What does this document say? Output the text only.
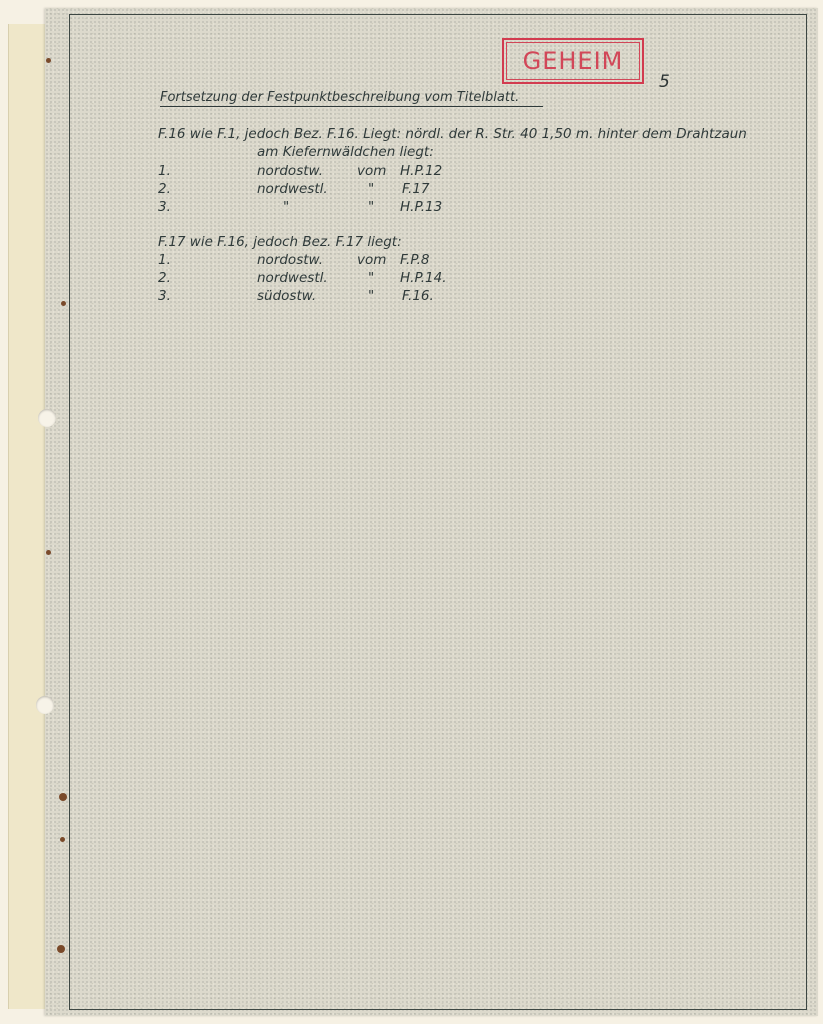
GEHEIM
5
Fortsetzung der Festpunktbeschreibung vom Titelblatt.
F.16 wie F.1, jedoch Bez. F.16. Liegt: nördl. der R. Str. 40 1,50 m. hinter dem Drahtzaun
am Kiefernwäldchen liegt:
1.	nordostw.	vom H.P.12
2.	nordwestl.	" F.17
3.	"	" H.P.13
F.17 wie F.16, jedoch Bez. F.17 liegt:
1.	nordostw.	vom F.P.8
2.	nordwestl.	" H.P.14.
3.	südostw.	" F.16.
